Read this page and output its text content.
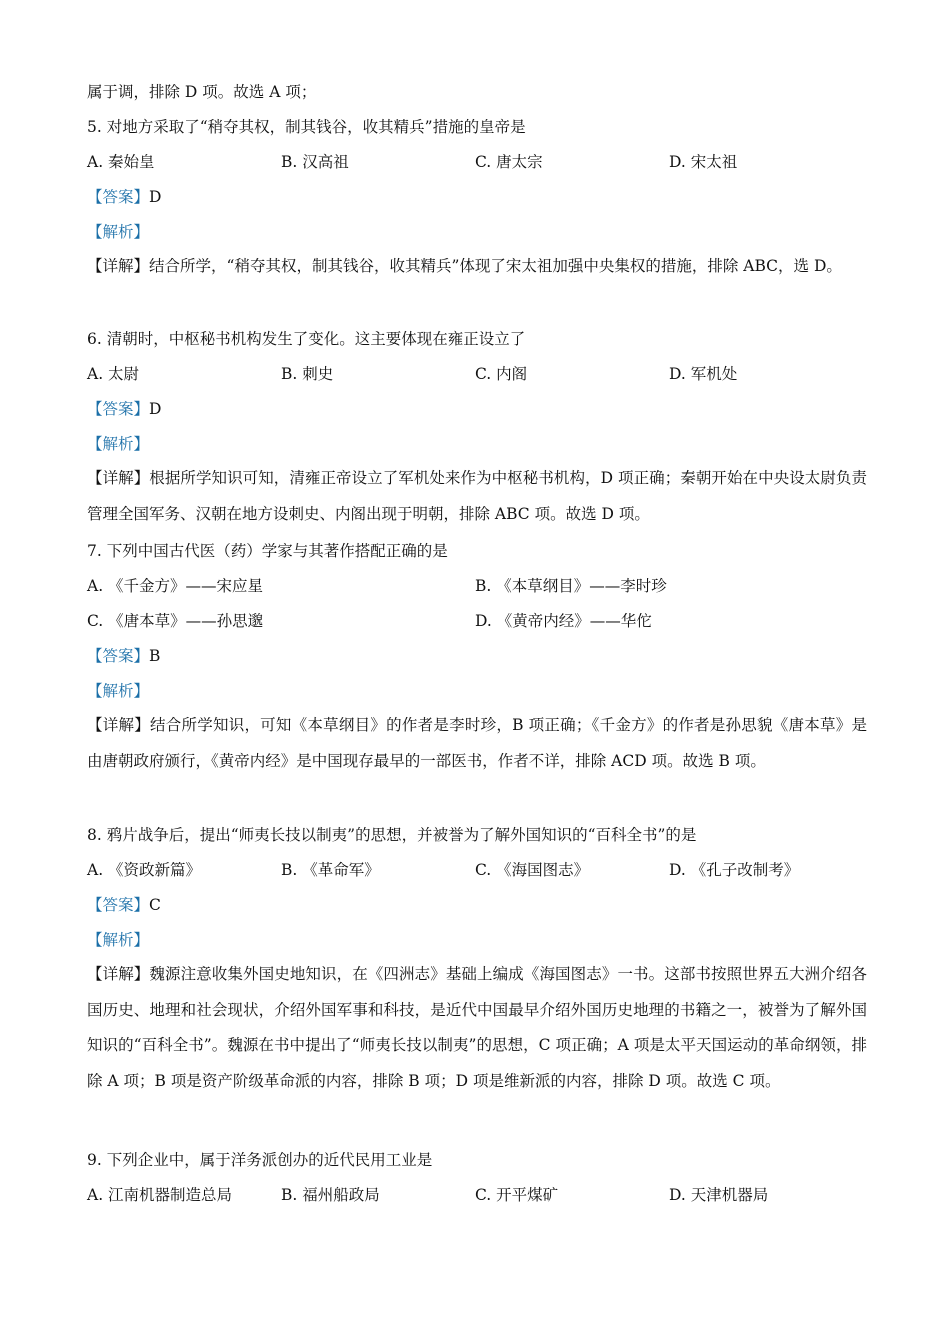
属于调，排除 D 项。故选 A 项；
5. 对地方采取了“稍夺其权，制其钱谷，收其精兵”措施的皇帝是
A. 秦始皇	B. 汉高祖	C. 唐太宗	D. 宋太祖
【答案】D
【解析】
【详解】结合所学，“稍夺其权，制其钱谷，收其精兵”体现了宋太祖加强中央集权的措施，排除 ABC，选 D。
6. 清朝时，中枢秘书机构发生了变化。这主要体现在雍正设立了
A. 太尉	B. 刺史	C. 内阁	D. 军机处
【答案】D
【解析】
【详解】根据所学知识可知，清雍正帝设立了军机处来作为中枢秘书机构，D 项正确；秦朝开始在中央设太尉负责管理全国军务、汉朝在地方设刺史、内阁出现于明朝，排除 ABC 项。故选 D 项。
7. 下列中国古代医（药）学家与其著作搭配正确的是
A. 《千金方》——宋应星	B. 《本草纲目》——李时珍
C. 《唐本草》——孙思邈	D. 《黄帝内经》——华佗
【答案】B
【解析】
【详解】结合所学知识，可知《本草纲目》的作者是李时珍，B 项正确；《千金方》的作者是孙思貌《唐本草》是由唐朝政府颁行，《黄帝内经》是中国现存最早的一部医书，作者不详，排除 ACD 项。故选 B 项。
8. 鸦片战争后，提出“师夷长技以制夷”的思想，并被誉为了解外国知识的“百科全书”的是
A. 《资政新篇》	B. 《革命军》	C. 《海国图志》	D. 《孔子改制考》
【答案】C
【解析】
【详解】魏源注意收集外国史地知识，在《四洲志》基础上编成《海国图志》一书。这部书按照世界五大洲介绍各国历史、地理和社会现状，介绍外国军事和科技，是近代中国最早介绍外国历史地理的书籍之一，被誉为了解外国知识的“百科全书”。魏源在书中提出了“师夷长技以制夷”的思想，C 项正确；A 项是太平天国运动的革命纲领，排除 A 项；B 项是资产阶级革命派的内容，排除 B 项；D 项是维新派的内容，排除 D 项。故选 C 项。
9. 下列企业中，属于洋务派创办的近代民用工业是
A. 江南机器制造总局	B. 福州船政局	C. 开平煤矿	D. 天津机器局
